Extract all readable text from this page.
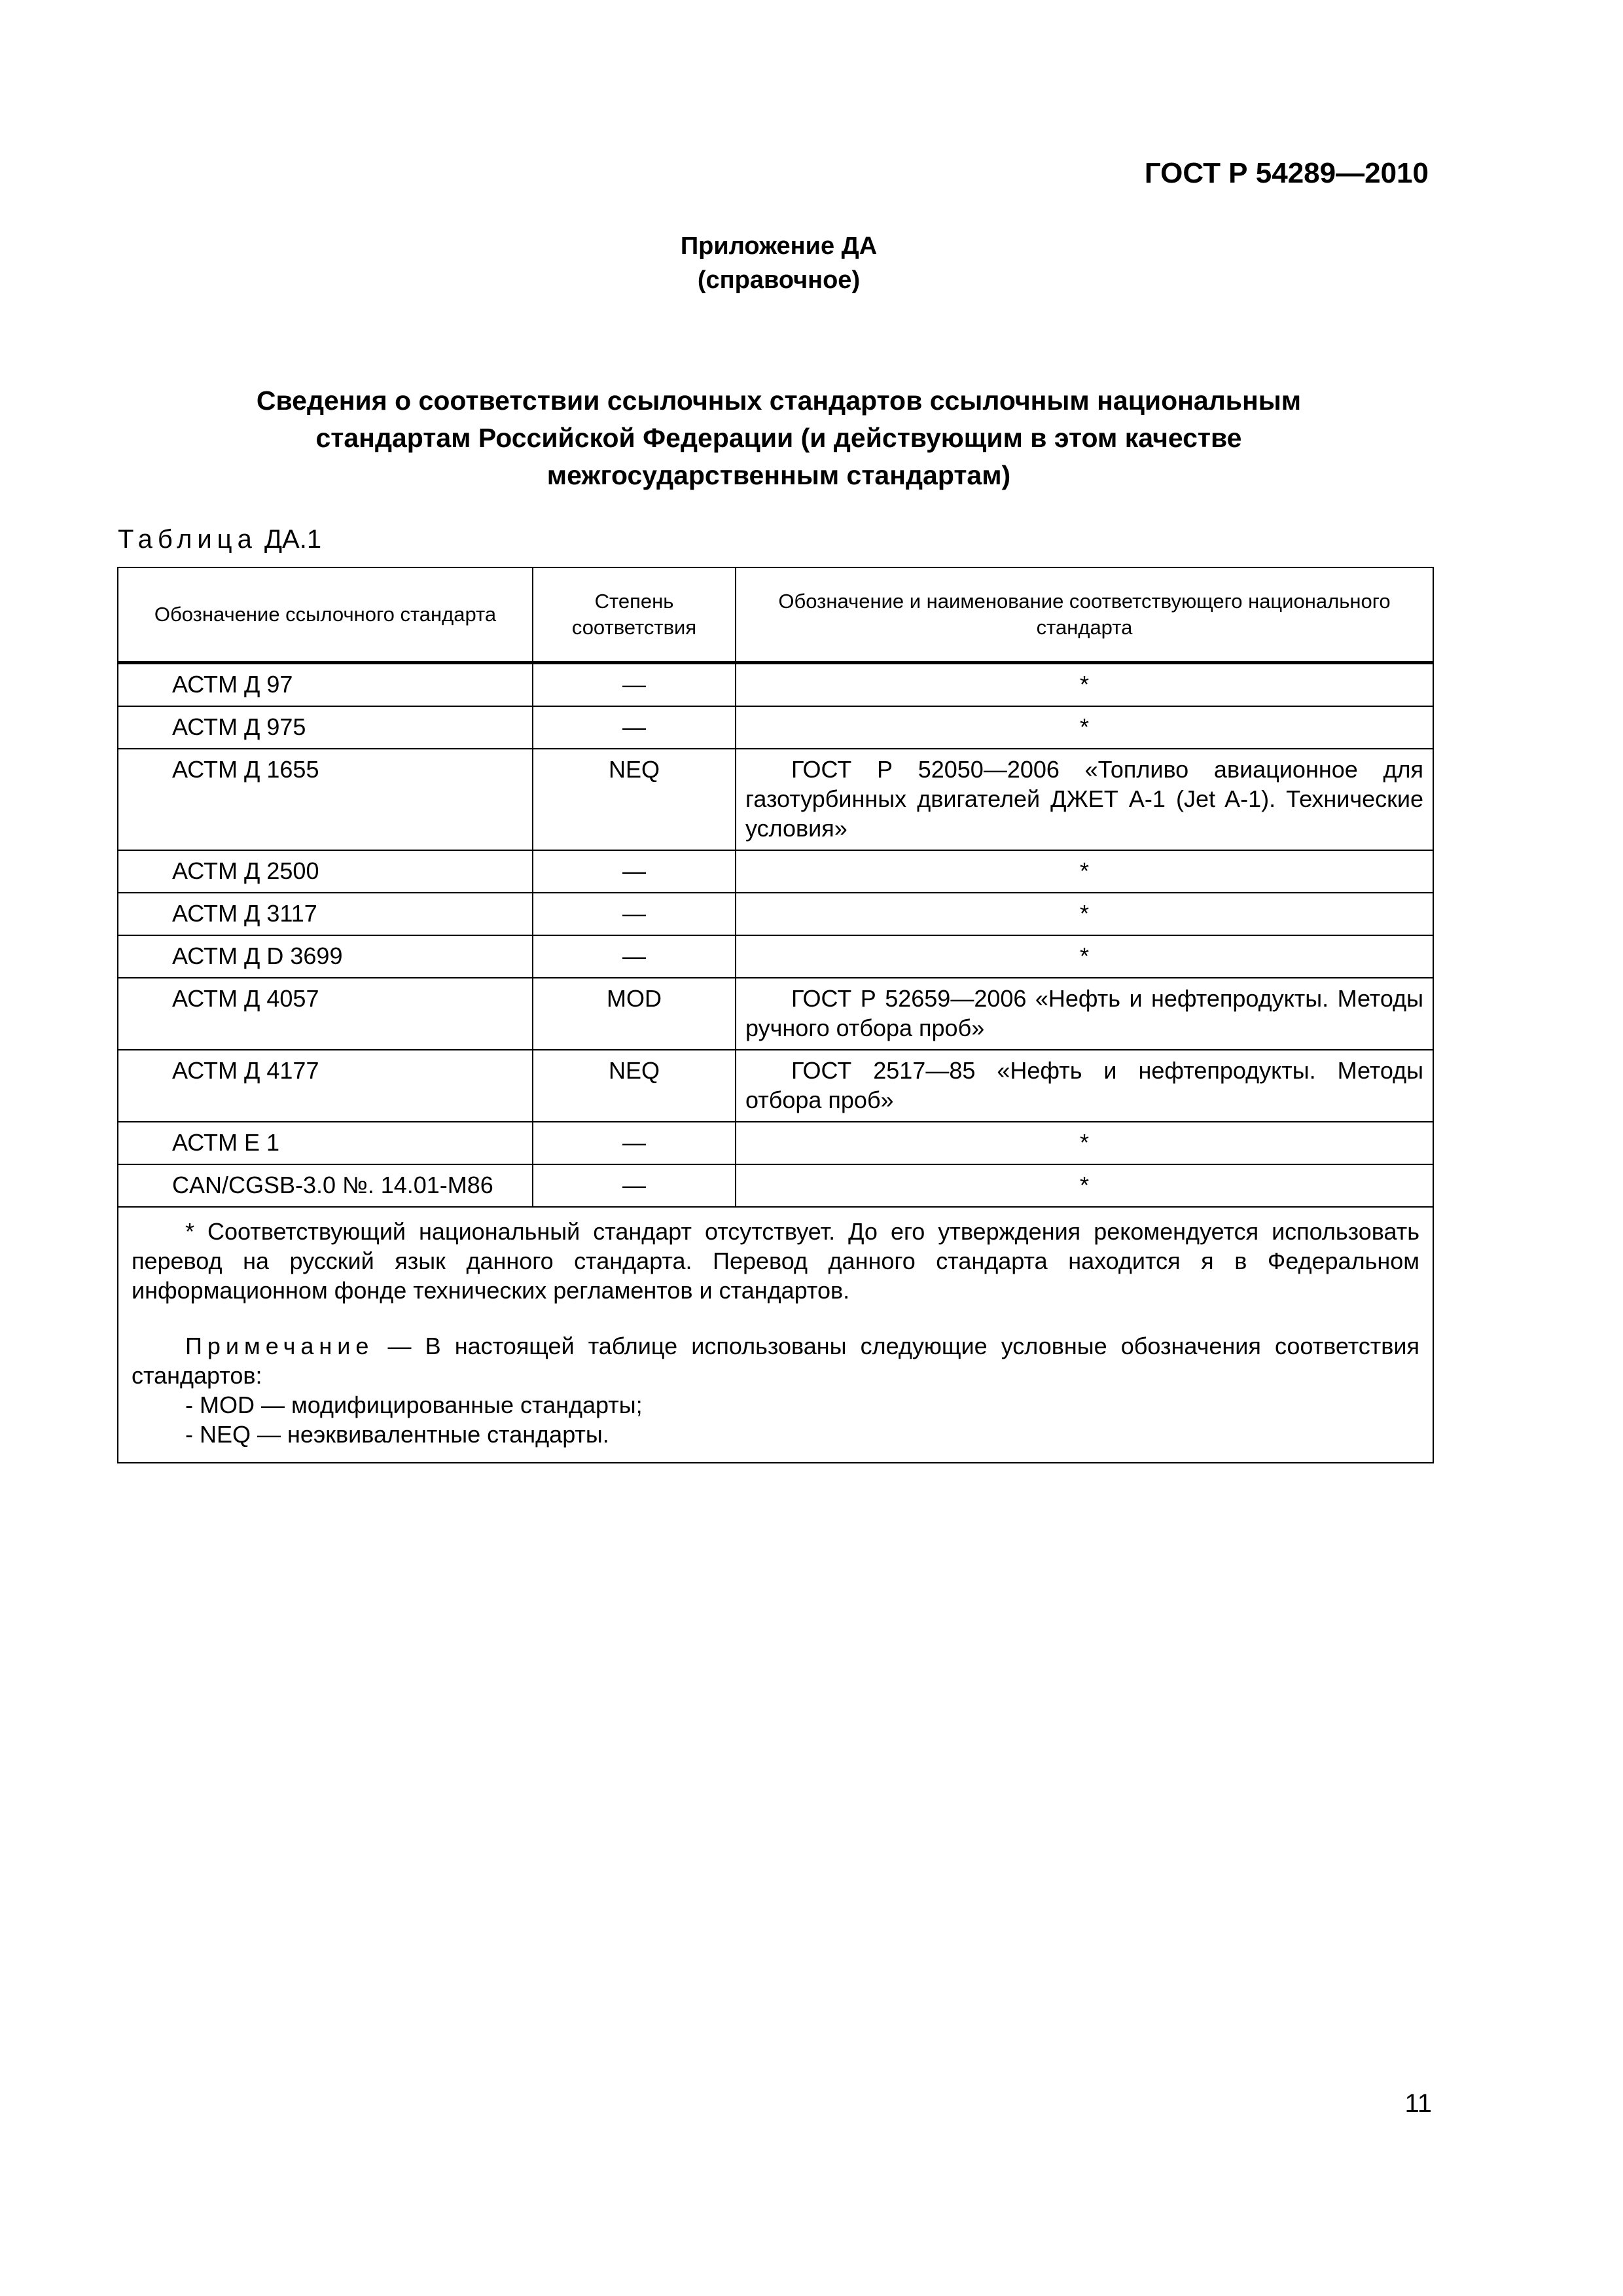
ГОСТ Р 54289—2010
Приложение ДА
(справочное)
Сведения о соответствии ссылочных стандартов ссылочным национальным
стандартам Российской Федерации (и действующим в этом качестве
межгосударственным стандартам)
Таблица ДА.1
Обозначение ссылочного стандарта	Степень соответствия	Обозначение и наименование соответствующего национального стандарта
АСТМ Д 97	—	*
АСТМ Д 975	—	*
АСТМ Д 1655	NEQ	ГОСТ Р 52050—2006 «Топливо авиационное для газотурбинных двигателей ДЖЕТ А-1 (Jet A-1). Технические условия»
АСТМ Д 2500	—	*
АСТМ Д 3117	—	*
АСТМ Д D 3699	—	*
АСТМ Д 4057	MOD	ГОСТ Р 52659—2006 «Нефть и нефтепродукты. Методы ручного отбора проб»
АСТМ Д 4177	NEQ	ГОСТ 2517—85 «Нефть и нефтепродукты. Методы отбора проб»
АСТМ Е 1	—	*
CAN/CGSB-3.0 №. 14.01-M86	—	*

* Соответствующий национальный стандарт отсутствует. До его утверждения рекомендуется использовать перевод на русский язык данного стандарта. Перевод данного стандарта находится я в Федеральном информационном фонде технических регламентов и стандартов.

Примечание — В настоящей таблице использованы следующие условные обозначения соответствия стандартов:

- MOD — модифицированные стандарты;

- NEQ — неэквивалентные стандарты.		

11
